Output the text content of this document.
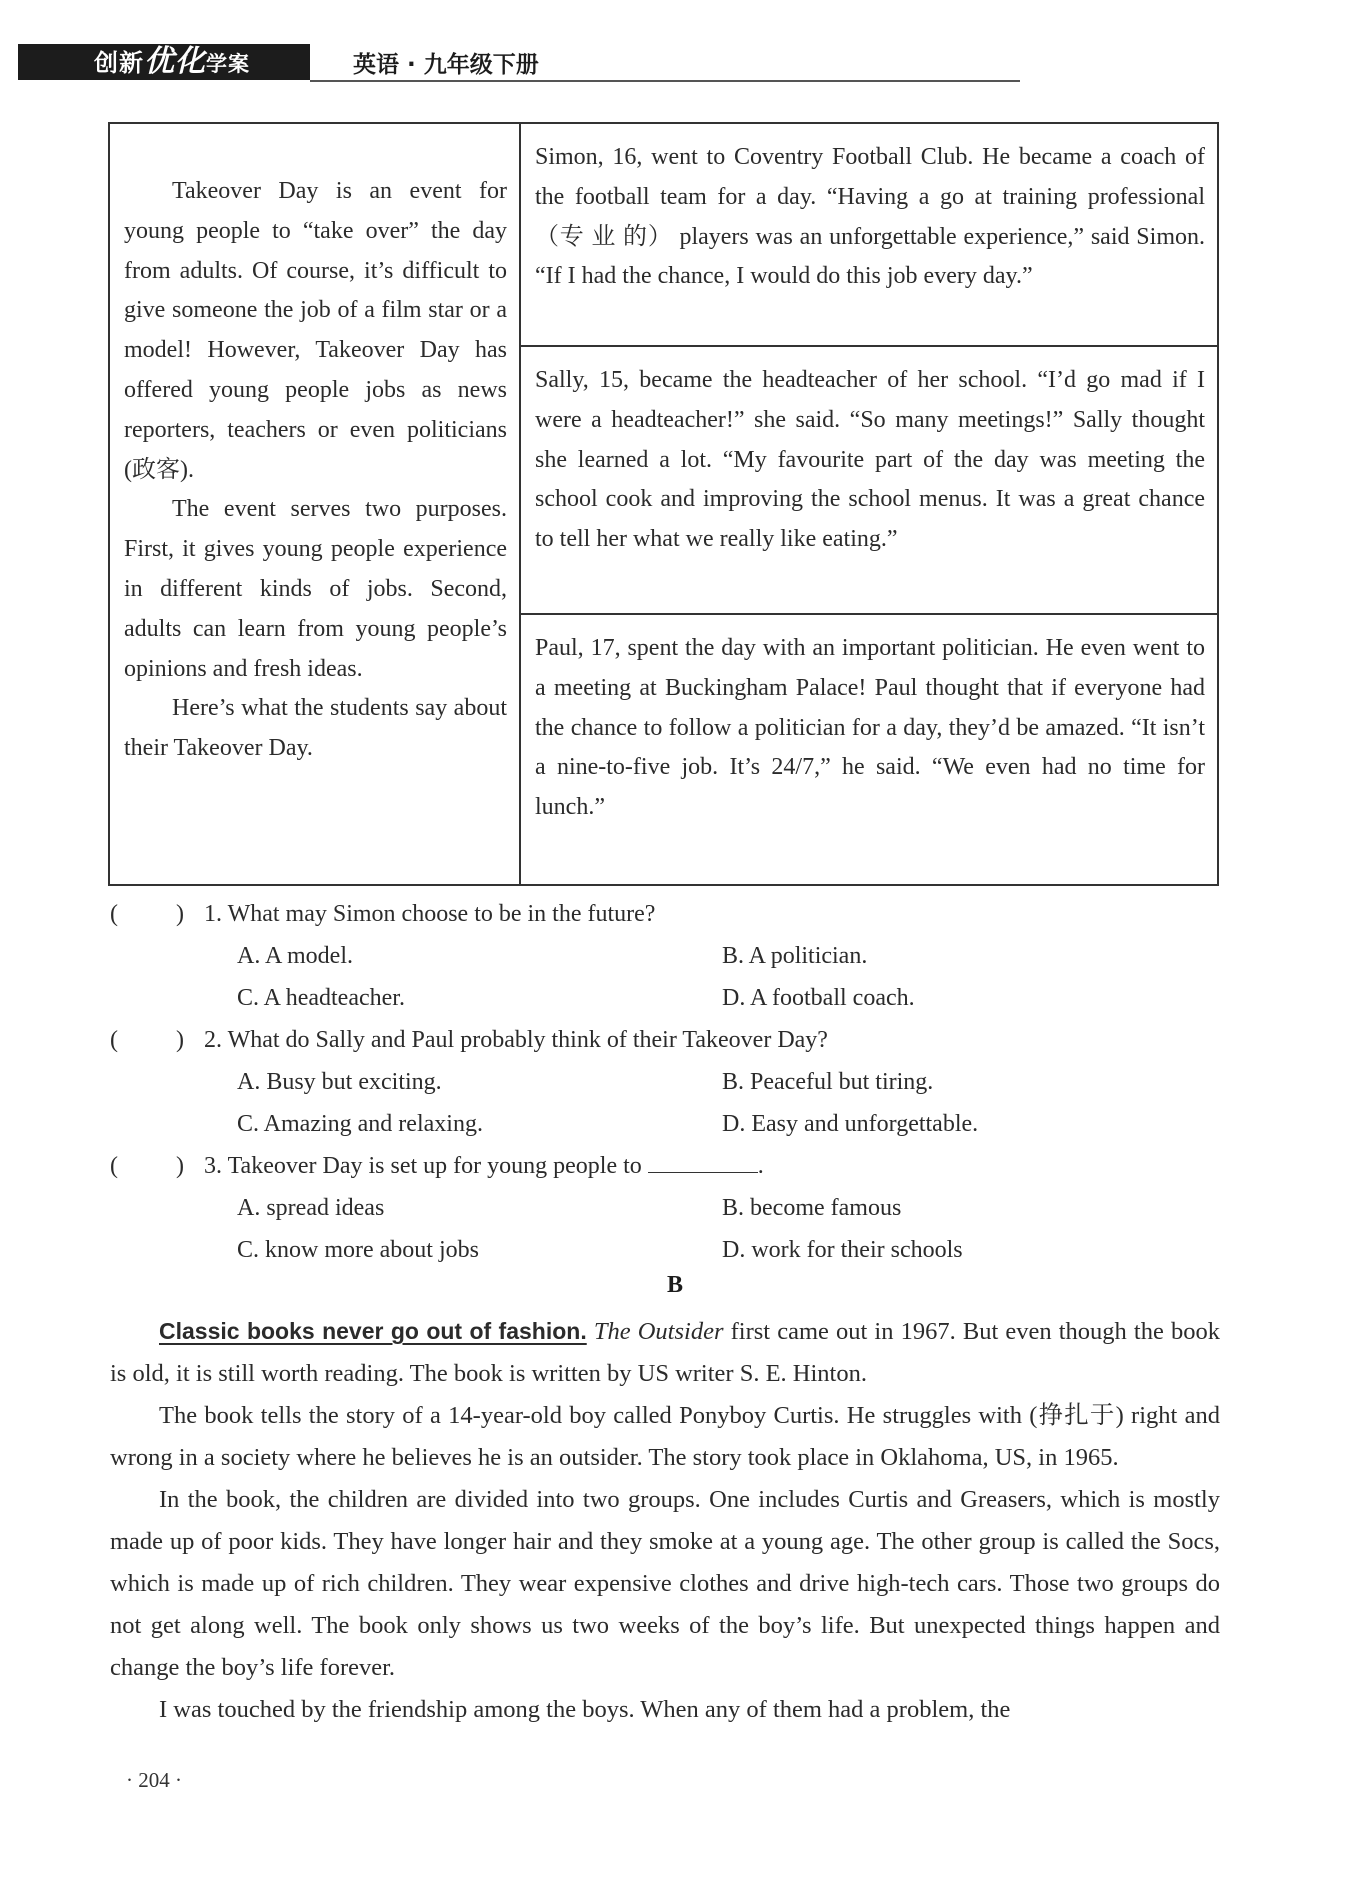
创新优化学案	英语 · 九年级下册

Takeover Day is an event for young people to “take over” the day from adults. Of course, it’s difficult to give someone the job of a film star or a model! However, Takeover Day has offered young people jobs as news reporters, teachers or even politicians (政客).

The event serves two purposes. First, it gives young people experience in different kinds of jobs. Second, adults can learn from young people’s opinions and fresh ideas.

Here’s what the students say about their Takeover Day.

Simon, 16, went to Coventry Football Club. He became a coach of the football team for a day. “Having a go at training professional （专 业 的） players was an unforgettable experience,” said Simon. “If I had the chance, I would do this job every day.”

Sally, 15, became the headteacher of her school. “I’d go mad if I were a headteacher!” she said. “So many meetings!” Sally thought she learned a lot. “My favourite part of the day was meeting the school cook and improving the school menus. It was a great chance to tell her what we really like eating.”

Paul, 17, spent the day with an important politician. He even went to a meeting at Buckingham Palace! Paul thought that if everyone had the chance to follow a politician for a day, they’d be amazed. “It isn’t a nine-to-five job. It’s 24/7,” he said. “We even had no time for lunch.”

( ) 1. What may Simon choose to be in the future?
A. A model.	B. A politician.
C. A headteacher.	D. A football coach.
( ) 2. What do Sally and Paul probably think of their Takeover Day?
A. Busy but exciting.	B. Peaceful but tiring.
C. Amazing and relaxing.	D. Easy and unforgettable.
( ) 3. Takeover Day is set up for young people to	.
A. spread ideas	B. become famous
C. know more about jobs	D. work for their schools
B

Classic books never go out of fashion. The Outsider first came out in 1967. But even though the book is old, it is still worth reading. The book is written by US writer S. E. Hinton.

The book tells the story of a 14-year-old boy called Ponyboy Curtis. He struggles with (挣扎于) right and wrong in a society where he believes he is an outsider. The story took place in Oklahoma, US, in 1965.

In the book, the children are divided into two groups. One includes Curtis and Greasers, which is mostly made up of poor kids. They have longer hair and they smoke at a young age. The other group is called the Socs, which is made up of rich children. They wear expensive clothes and drive high-tech cars. Those two groups do not get along well. The book only shows us two weeks of the boy’s life. But unexpected things happen and change the boy’s life forever.

I was touched by the friendship among the boys. When any of them had a problem, the

· 204 ·
